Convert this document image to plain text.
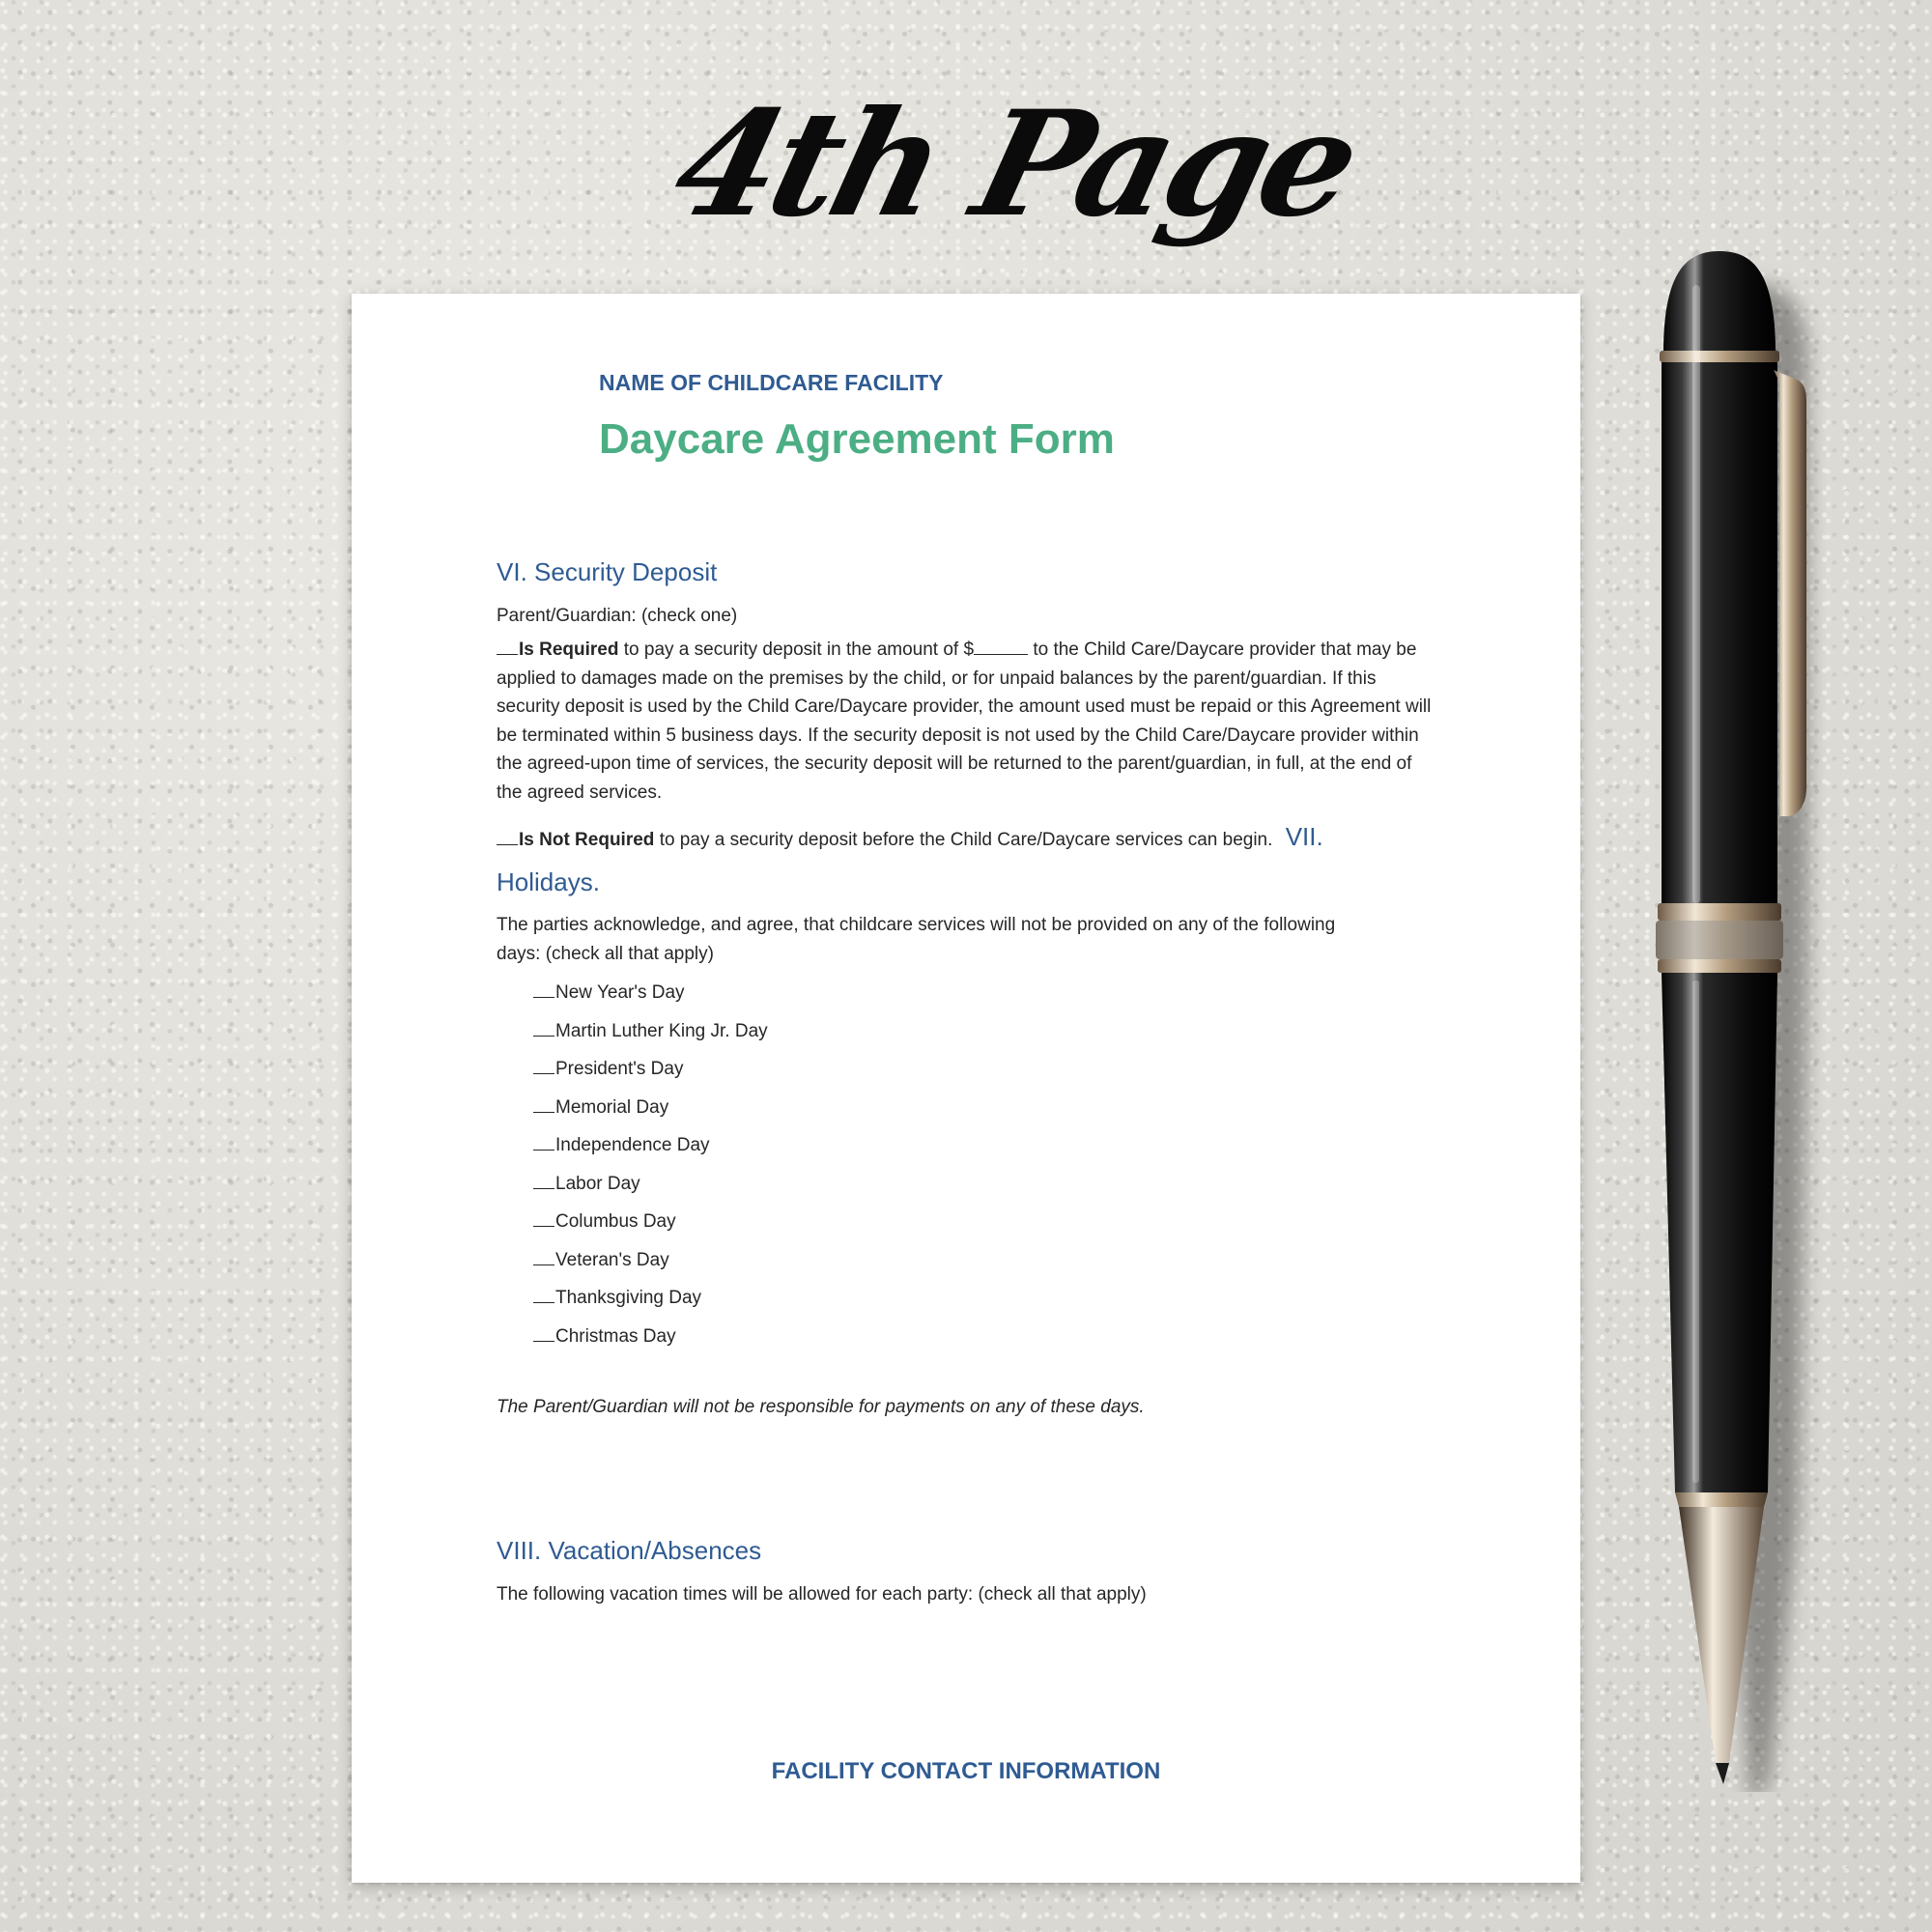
4th Page

NAME OF CHILDCARE FACILITY

Daycare Agreement Form
VI. Security Deposit

Parent/Guardian: (check one)

Is Required to pay a security deposit in the amount of $	to the Child Care/Daycare provider that may be applied to damages made on the premises by the child, or for unpaid balances by the parent/guardian. If this security deposit is used by the Child Care/Daycare provider, the amount used must be repaid or this Agreement will be terminated within 5 business days. If the security deposit is not used by the Child Care/Daycare provider within the agreed-upon time of services, the security deposit will be returned to the parent/guardian, in full, at the end of the agreed services.

Is Not Required to pay a security deposit before the Child Care/Daycare services can begin. VII.

Holidays.

The parties acknowledge, and agree, that childcare services will not be provided on any of the following days: (check all that apply)

New Year's Day
Martin Luther King Jr. Day
President's Day
Memorial Day
Independence Day
Labor Day
Columbus Day
Veteran's Day
Thanksgiving Day
Christmas Day

The Parent/Guardian will not be responsible for payments on any of these days.

VIII. Vacation/Absences

The following vacation times will be allowed for each party: (check all that apply)

FACILITY CONTACT INFORMATION
